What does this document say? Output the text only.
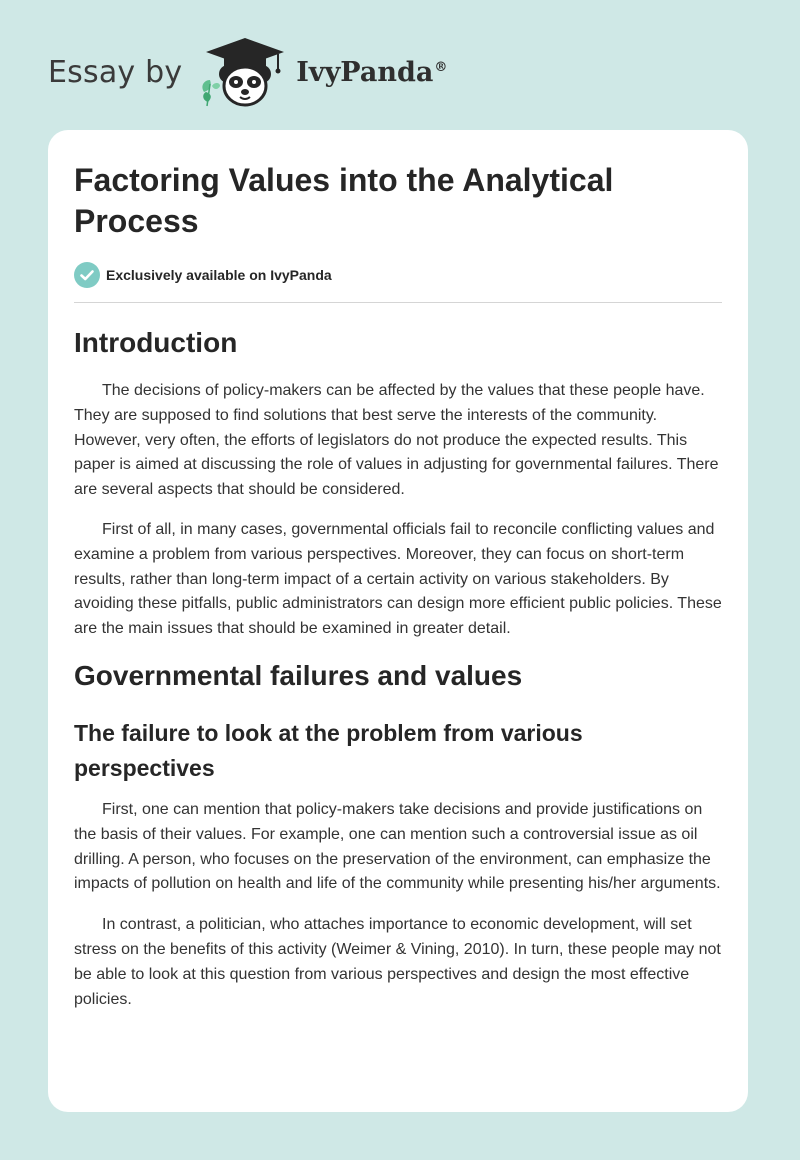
Essay by	IvyPanda®
Factoring Values into the Analytical Process
Exclusively available on IvyPanda
Introduction

The decisions of policy-makers can be affected by the values that these people have. They are supposed to find solutions that best serve the interests of the community. However, very often, the efforts of legislators do not produce the expected results. This paper is aimed at discussing the role of values in adjusting for governmental failures. There are several aspects that should be considered.

First of all, in many cases, governmental officials fail to reconcile conflicting values and examine a problem from various perspectives. Moreover, they can focus on short-term results, rather than long-term impact of a certain activity on various stakeholders. By avoiding these pitfalls, public administrators can design more efficient public policies. These are the main issues that should be examined in greater detail.

Governmental failures and values
The failure to look at the problem from various perspectives

First, one can mention that policy-makers take decisions and provide justifications on the basis of their values. For example, one can mention such a controversial issue as oil drilling. A person, who focuses on the preservation of the environment, can emphasize the impacts of pollution on health and life of the community while presenting his/her arguments.

In contrast, a politician, who attaches importance to economic development, will set stress on the benefits of this activity (Weimer & Vining, 2010). In turn, these people may not be able to look at this question from various perspectives and design the most effective policies.
